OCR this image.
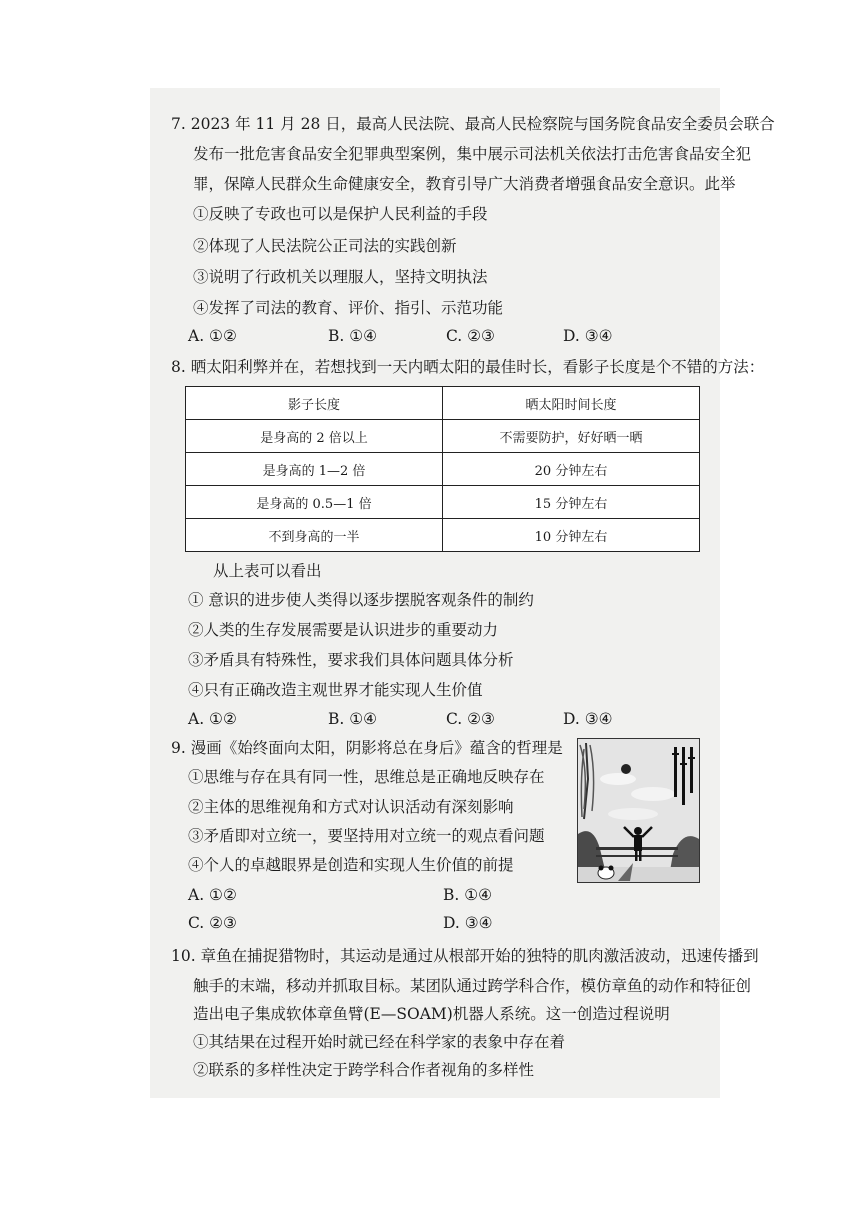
7. 2023 年 11 月 28 日，最高人民法院、最高人民检察院与国务院食品安全委员会联合
发布一批危害食品安全犯罪典型案例，集中展示司法机关依法打击危害食品安全犯
罪，保障人民群众生命健康安全，教育引导广大消费者增强食品安全意识。此举
①反映了专政也可以是保护人民利益的手段
②体现了人民法院公正司法的实践创新
③说明了行政机关以理服人，坚持文明执法
④发挥了司法的教育、评价、指引、示范功能
A. ①②	B. ①④	C. ②③	D. ③④
8. 晒太阳利弊并在，若想找到一天内晒太阳的最佳时长，看影子长度是个不错的方法：
影子长度	晒太阳时间长度
是身高的 2 倍以上	不需要防护，好好晒一晒
是身高的 1—2 倍	20 分钟左右
是身高的 0.5—1 倍	15 分钟左右
不到身高的一半	10 分钟左右
从上表可以看出
① 意识的进步使人类得以逐步摆脱客观条件的制约
②人类的生存发展需要是认识进步的重要动力
③矛盾具有特殊性，要求我们具体问题具体分析
④只有正确改造主观世界才能实现人生价值
A. ①②	B. ①④	C. ②③	D. ③④
9. 漫画《始终面向太阳，阴影将总在身后》蕴含的哲理是
①思维与存在具有同一性，思维总是正确地反映存在
②主体的思维视角和方式对认识活动有深刻影响
③矛盾即对立统一，要坚持用对立统一的观点看问题
④个人的卓越眼界是创造和实现人生价值的前提
A. ①②	B. ①④
C. ②③	D. ③④
10. 章鱼在捕捉猎物时，其运动是通过从根部开始的独特的肌肉激活波动，迅速传播到
触手的末端，移动并抓取目标。某团队通过跨学科合作，模仿章鱼的动作和特征创
造出电子集成软体章鱼臂(E—SOAM)机器人系统。这一创造过程说明
①其结果在过程开始时就已经在科学家的表象中存在着
②联系的多样性决定于跨学科合作者视角的多样性
